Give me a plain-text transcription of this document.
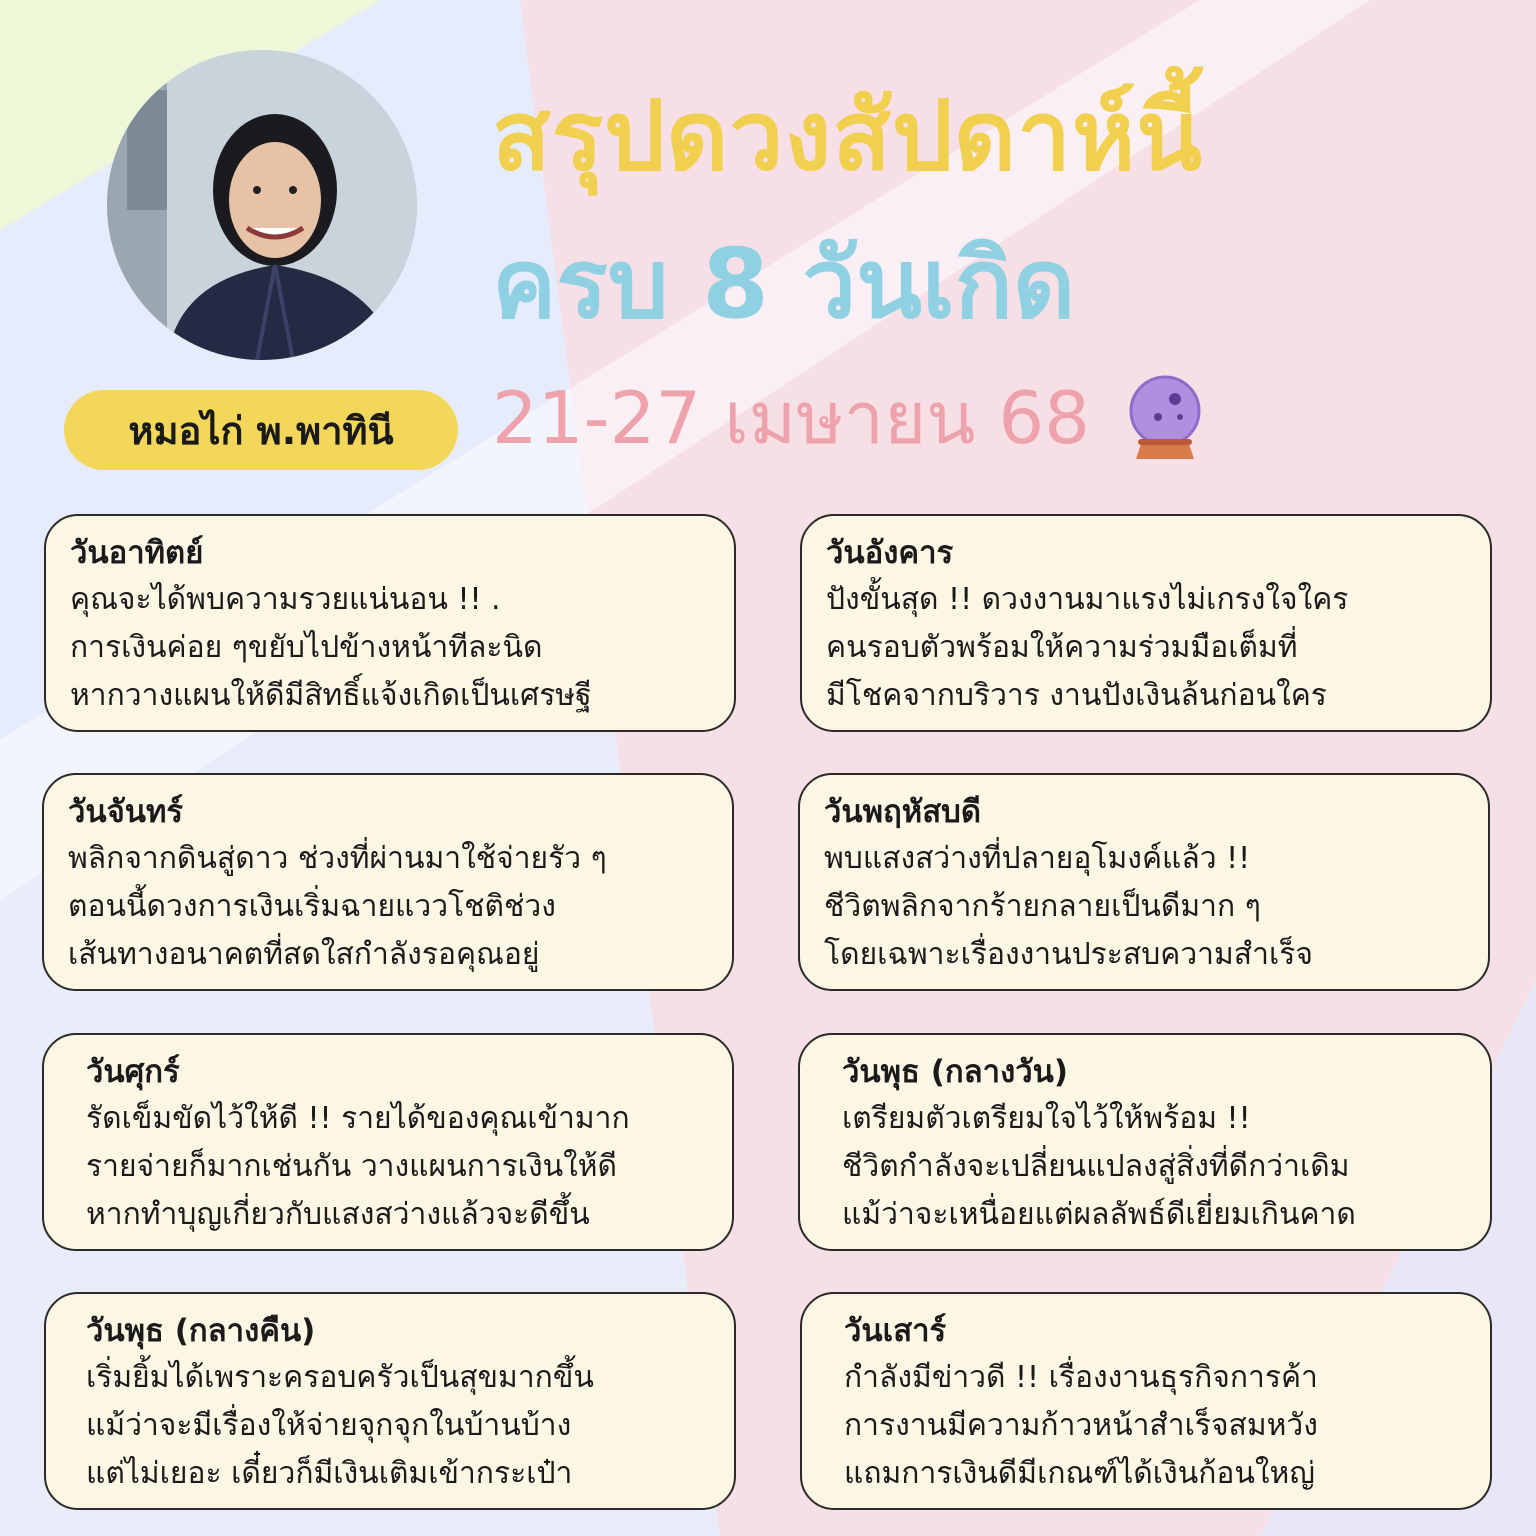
หมอไก่ พ.พาทินี
สรุปดวงสัปดาห์นี้
ครบ 8 วันเกิด
21-27 เมษายน 68
วันอาทิตย์
คุณจะได้พบความรวยแน่นอน !! .
การเงินค่อย ๆขยับไปข้างหน้าทีละนิด
หากวางแผนให้ดีมีสิทธิ์แจ้งเกิดเป็นเศรษฐี
วันอังคาร
ปังขั้นสุด !! ดวงงานมาแรงไม่เกรงใจใคร
คนรอบตัวพร้อมให้ความร่วมมือเต็มที่
มีโชคจากบริวาร งานปังเงินล้นก่อนใคร
วันจันทร์
พลิกจากดินสู่ดาว ช่วงที่ผ่านมาใช้จ่ายรัว ๆ
ตอนนี้ดวงการเงินเริ่มฉายแววโชติช่วง
เส้นทางอนาคตที่สดใสกำลังรอคุณอยู่
วันพฤหัสบดี
พบแสงสว่างที่ปลายอุโมงค์แล้ว !!
ชีวิตพลิกจากร้ายกลายเป็นดีมาก ๆ
โดยเฉพาะเรื่องงานประสบความสำเร็จ
วันศุกร์
รัดเข็มขัดไว้ให้ดี !! รายได้ของคุณเข้ามาก
รายจ่ายก็มากเช่นกัน วางแผนการเงินให้ดี
หากทำบุญเกี่ยวกับแสงสว่างแล้วจะดีขึ้น
วันพุธ (กลางวัน)
เตรียมตัวเตรียมใจไว้ให้พร้อม !!
ชีวิตกำลังจะเปลี่ยนแปลงสู่สิ่งที่ดีกว่าเดิม
แม้ว่าจะเหนื่อยแต่ผลลัพธ์ดีเยี่ยมเกินคาด
วันพุธ (กลางคืน)
เริ่มยิ้มได้เพราะครอบครัวเป็นสุขมากขึ้น
แม้ว่าจะมีเรื่องให้จ่ายจุกจุกในบ้านบ้าง
แต่ไม่เยอะ เดี๋ยวก็มีเงินเติมเข้ากระเป๋า
วันเสาร์
กำลังมีข่าวดี !! เรื่องงานธุรกิจการค้า
การงานมีความก้าวหน้าสำเร็จสมหวัง
แถมการเงินดีมีเกณฑ์ได้เงินก้อนใหญ่
